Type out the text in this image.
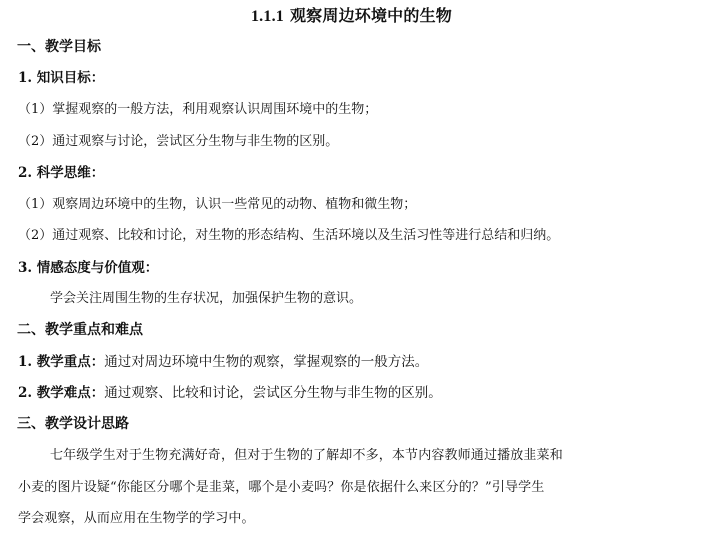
1.1.1 观察周边环境中的生物
一、教学目标
1. 知识目标：
（1）掌握观察的一般方法，利用观察认识周围环境中的生物；
（2）通过观察与讨论，尝试区分生物与非生物的区别。
2. 科学思维：
（1）观察周边环境中的生物，认识一些常见的动物、植物和微生物；
（2）通过观察、比较和讨论，对生物的形态结构、生活环境以及生活习性等进行总结和归纳。
3. 情感态度与价值观：
学会关注周围生物的生存状况，加强保护生物的意识。
二、教学重点和难点
1. 教学重点：通过对周边环境中生物的观察，掌握观察的一般方法。
2. 教学难点：通过观察、比较和讨论，尝试区分生物与非生物的区别。
三、教学设计思路
七年级学生对于生物充满好奇，但对于生物的了解却不多，本节内容教师通过播放韭菜和
小麦的图片设疑“你能区分哪个是韭菜，哪个是小麦吗？你是依据什么来区分的？”引导学生
学会观察，从而应用在生物学的学习中。
